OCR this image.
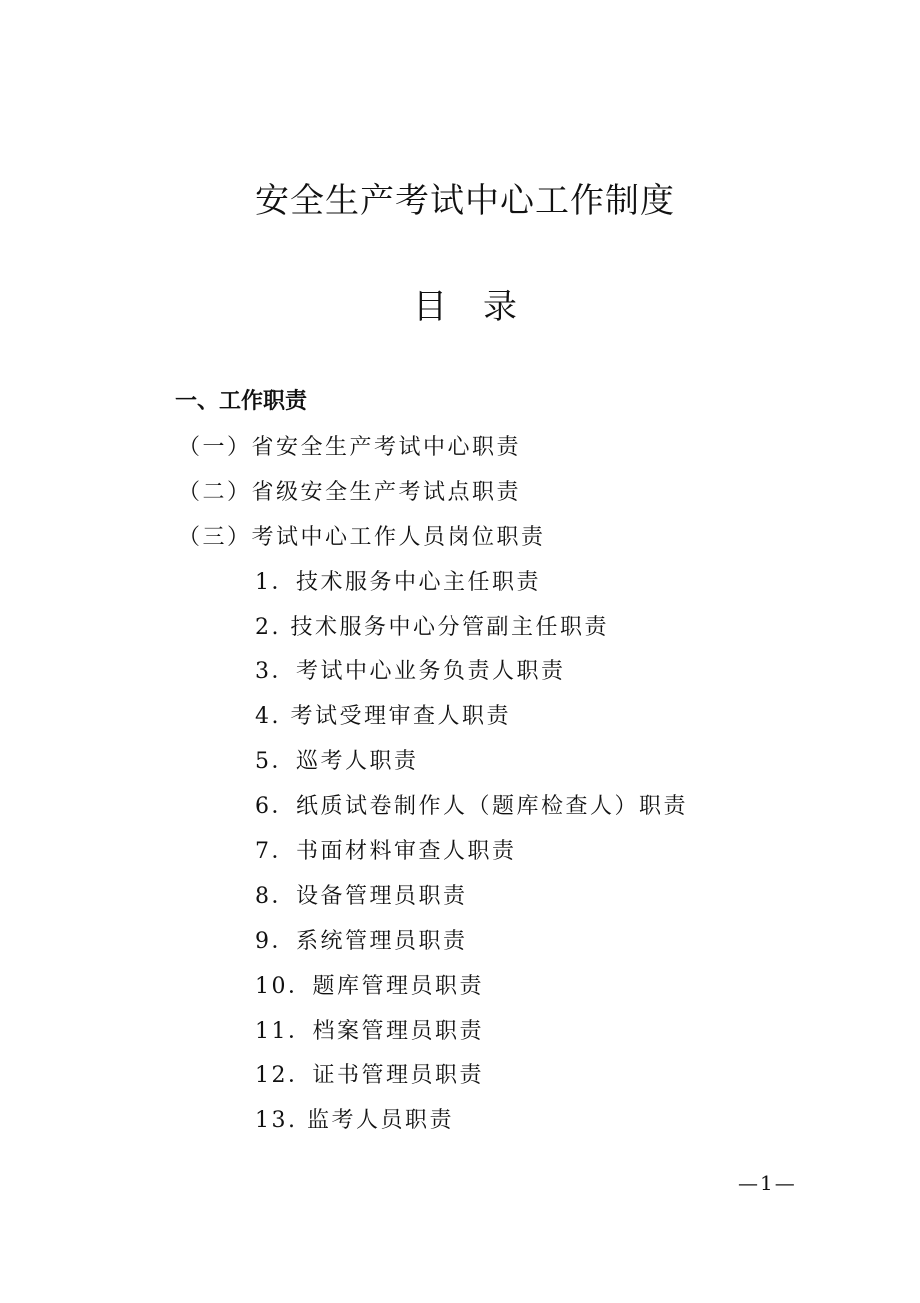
安全生产考试中心工作制度
目 录
一、工作职责
（一）省安全生产考试中心职责
（二）省级安全生产考试点职责
（三）考试中心工作人员岗位职责
1．技术服务中心主任职责
2. 技术服务中心分管副主任职责
3．考试中心业务负责人职责
4. 考试受理审查人职责
5．巡考人职责
6．纸质试卷制作人（题库检查人）职责
7．书面材料审查人职责
8．设备管理员职责
9．系统管理员职责
10．题库管理员职责
11．档案管理员职责
12．证书管理员职责
13. 监考人员职责
—1—
